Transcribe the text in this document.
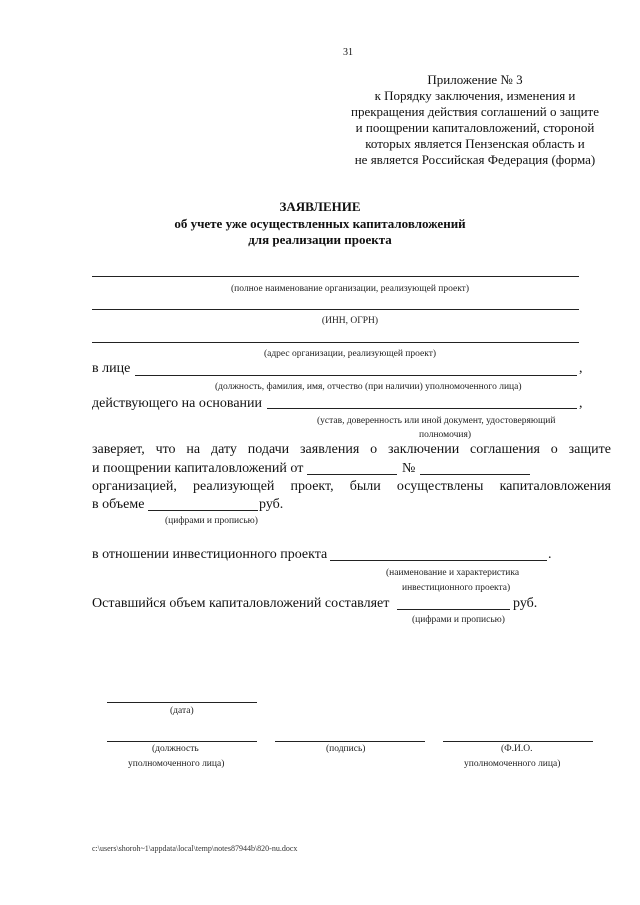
31
Приложение № 3
к Порядку заключения, изменения и
прекращения действия соглашений о защите
и поощрении капиталовложений, стороной
которых является Пензенская область и
не является Российская Федерация (форма)
ЗАЯВЛЕНИЕ
об учете уже осуществленных капиталовложений
для реализации проекта
(полное наименование организации, реализующей проект)
(ИНН, ОГРН)
(адрес организации, реализующей проект)
в лице	,
(должность, фамилия, имя, отчество (при наличии) уполномоченного лица)
действующего на основании	,
(устав, доверенность или иной документ, удостоверяющий
полномочия)
заверяет, что на дату подачи заявления о заключении соглашения о защите
и поощрении капиталовложений от	№
организацией, реализующей проект, были осуществлены капиталовложения
в объеме	руб.
(цифрами и прописью)
в отношении инвестиционного проекта	.
(наименование и характеристика
инвестиционного проекта)
Оставшийся объем капиталовложений составляет	руб.
(цифрами и прописью)
(дата)
(должность
уполномоченного лица)
(подпись)	(Ф.И.О.
уполномоченного лица)
c:\users\shoroh~1\appdata\local\temp\notes87944b\820-nu.docx
